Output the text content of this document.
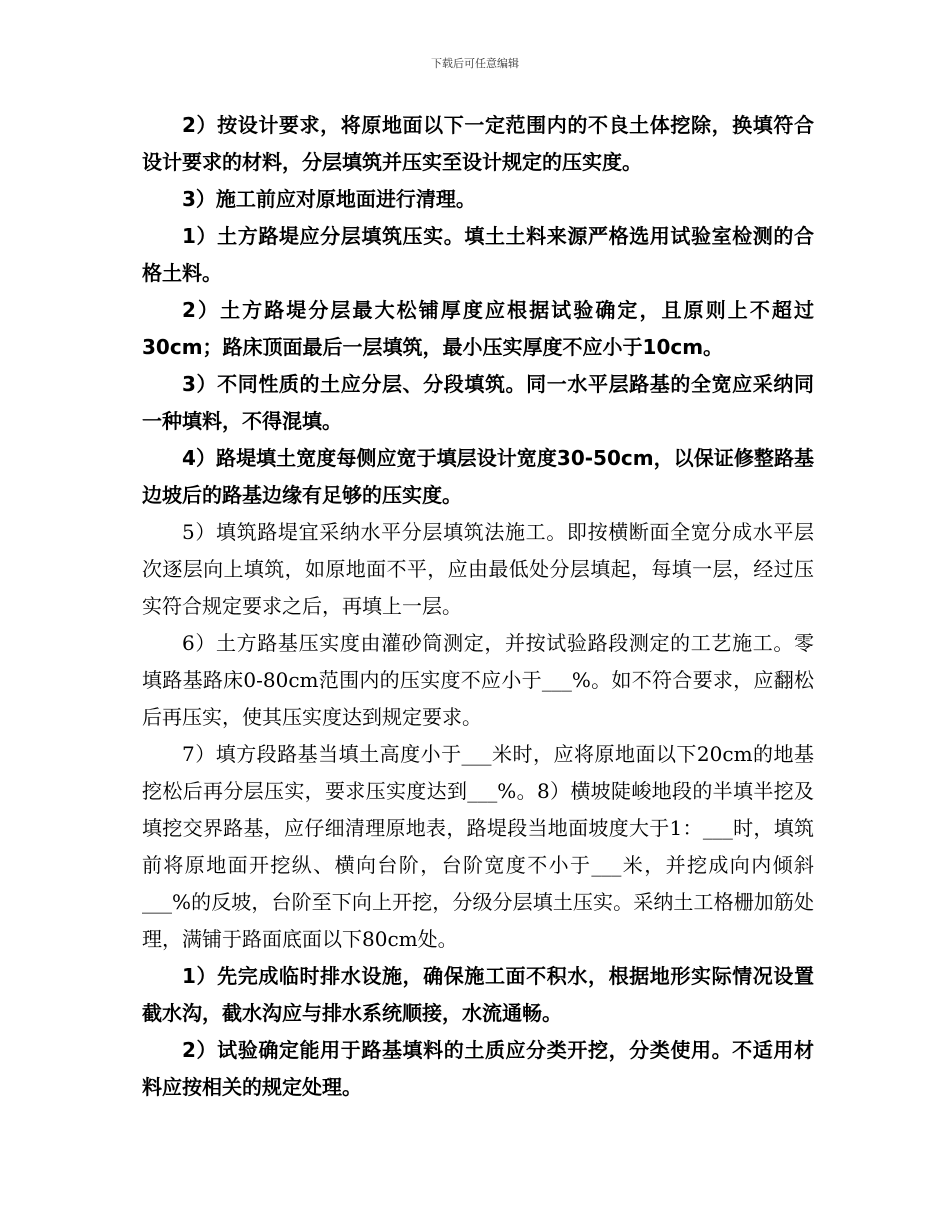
下载后可任意编辑

2）按设计要求，将原地面以下一定范围内的不良土体挖除，换填符合设计要求的材料，分层填筑并压实至设计规定的压实度。

3）施工前应对原地面进行清理。

1）土方路堤应分层填筑压实。填土土料来源严格选用试验室检测的合格土料。

2）土方路堤分层最大松铺厚度应根据试验确定，且原则上不超过30cm；路床顶面最后一层填筑，最小压实厚度不应小于10cm。

3）不同性质的土应分层、分段填筑。同一水平层路基的全宽应采纳同一种填料，不得混填。

4）路堤填土宽度每侧应宽于填层设计宽度30-50cm，以保证修整路基边坡后的路基边缘有足够的压实度。

5）填筑路堤宜采纳水平分层填筑法施工。即按横断面全宽分成水平层次逐层向上填筑，如原地面不平，应由最低处分层填起，每填一层，经过压实符合规定要求之后，再填上一层。

6）土方路基压实度由灌砂筒测定，并按试验路段测定的工艺施工。零填路基路床0-80cm范围内的压实度不应小于___%。如不符合要求，应翻松后再压实，使其压实度达到规定要求。

7）填方段路基当填土高度小于___米时，应将原地面以下20cm的地基挖松后再分层压实，要求压实度达到___%。8）横坡陡峻地段的半填半挖及填挖交界路基，应仔细清理原地表，路堤段当地面坡度大于1：___时，填筑前将原地面开挖纵、横向台阶，台阶宽度不小于___米，并挖成向内倾斜___%的反坡，台阶至下向上开挖，分级分层填土压实。采纳土工格栅加筋处理，满铺于路面底面以下80cm处。

1）先完成临时排水设施，确保施工面不积水，根据地形实际情况设置截水沟，截水沟应与排水系统顺接，水流通畅。

2）试验确定能用于路基填料的土质应分类开挖，分类使用。不适用材料应按相关的规定处理。
